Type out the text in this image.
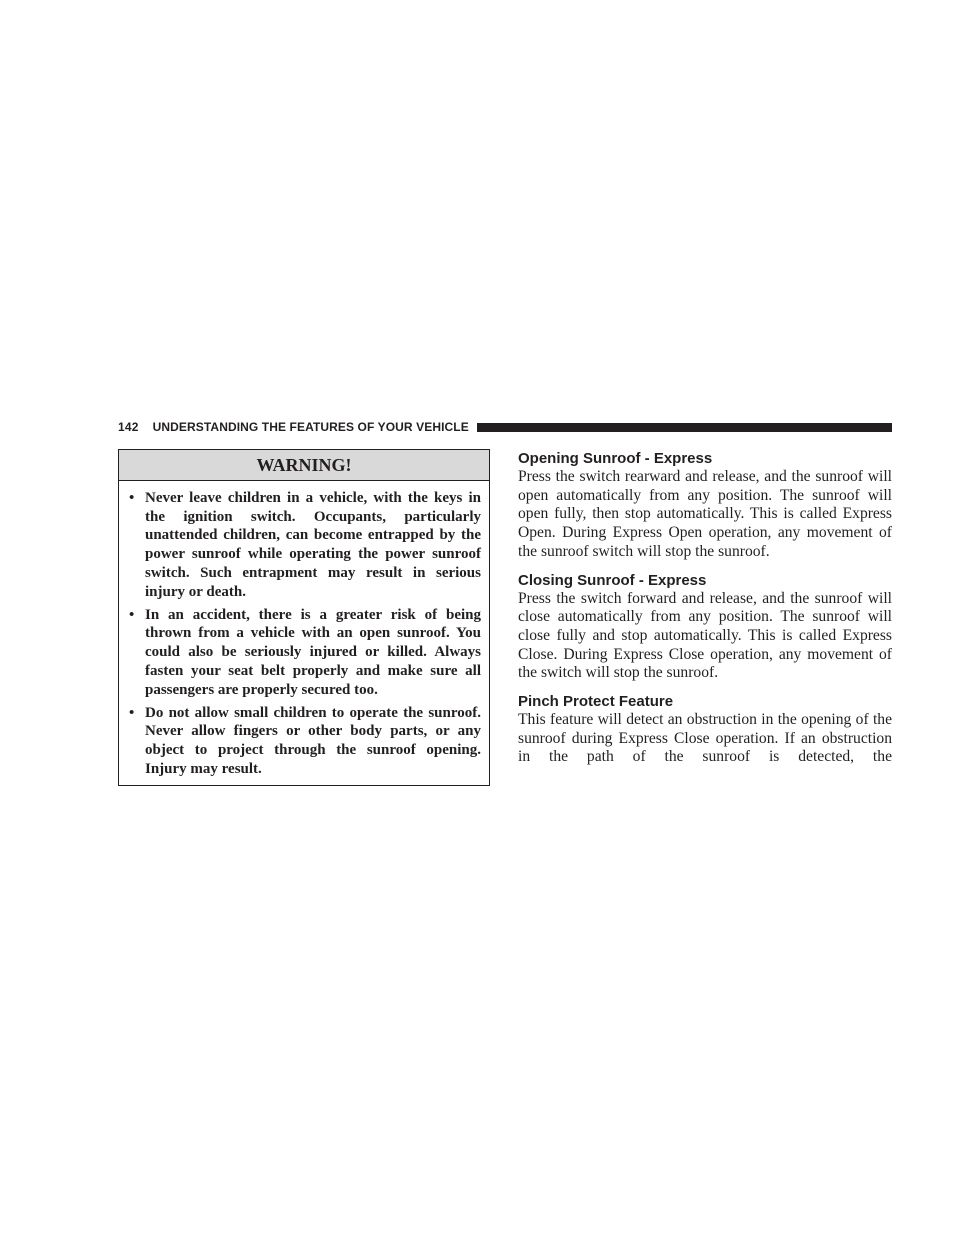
142 UNDERSTANDING THE FEATURES OF YOUR VEHICLE
WARNING!
• Never leave children in a vehicle, with the keys in the ignition switch. Occupants, particularly unattended children, can become entrapped by the power sunroof while operating the power sunroof switch. Such entrapment may result in serious injury or death.
• In an accident, there is a greater risk of being thrown from a vehicle with an open sunroof. You could also be seriously injured or killed. Always fasten your seat belt properly and make sure all passengers are properly secured too.
• Do not allow small children to operate the sunroof. Never allow fingers or other body parts, or any object to project through the sunroof opening. Injury may result.
Opening Sunroof - Express

Press the switch rearward and release, and the sunroof will open automatically from any position. The sunroof will open fully, then stop automatically. This is called Express Open. During Express Open operation, any movement of the sunroof switch will stop the sunroof.

Closing Sunroof - Express

Press the switch forward and release, and the sunroof will close automatically from any position. The sunroof will close fully and stop automatically. This is called Express Close. During Express Close operation, any movement of the switch will stop the sunroof.

Pinch Protect Feature

This feature will detect an obstruction in the opening of the sunroof during Express Close operation. If an obstruction in the path of the sunroof is detected, the
